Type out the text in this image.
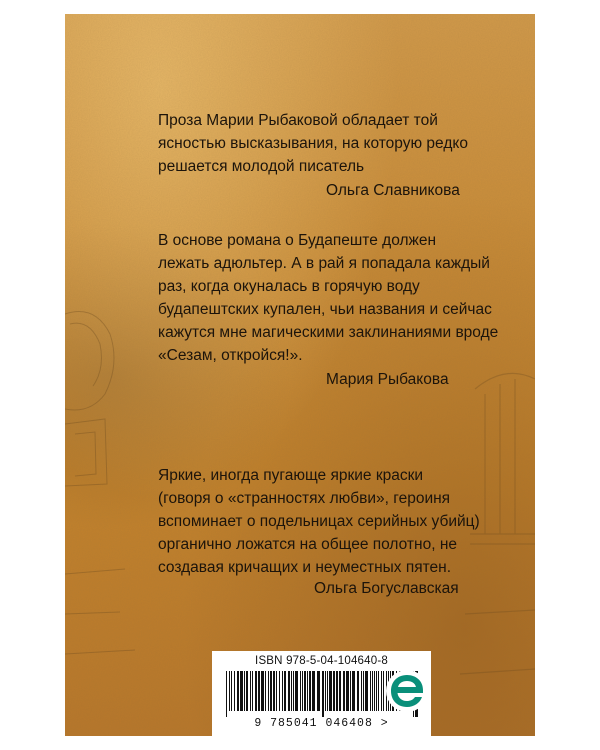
Проза Марии Рыбаковой обладает той
ясностью высказывания, на которую редко
решается молодой писатель
Ольга Славникова
В основе романа о Будапеште должен
лежать адюльтер. А в рай я попадала каждый
раз, когда окуналась в горячую воду
будапештских купален, чьи названия и сейчас
кажутся мне магическими заклинаниями вроде
«Сезам, откройся!».
Мария Рыбакова
Яркие, иногда пугающе яркие краски
(говоря о «странностях любви», героиня
вспоминает о подельницах серийных убийц)
органично ложатся на общее полотно, не
создавая кричащих и неуместных пятен.
Ольга Богуславская
ISBN 978-5-04-104640-8
9 785041 046408 >
